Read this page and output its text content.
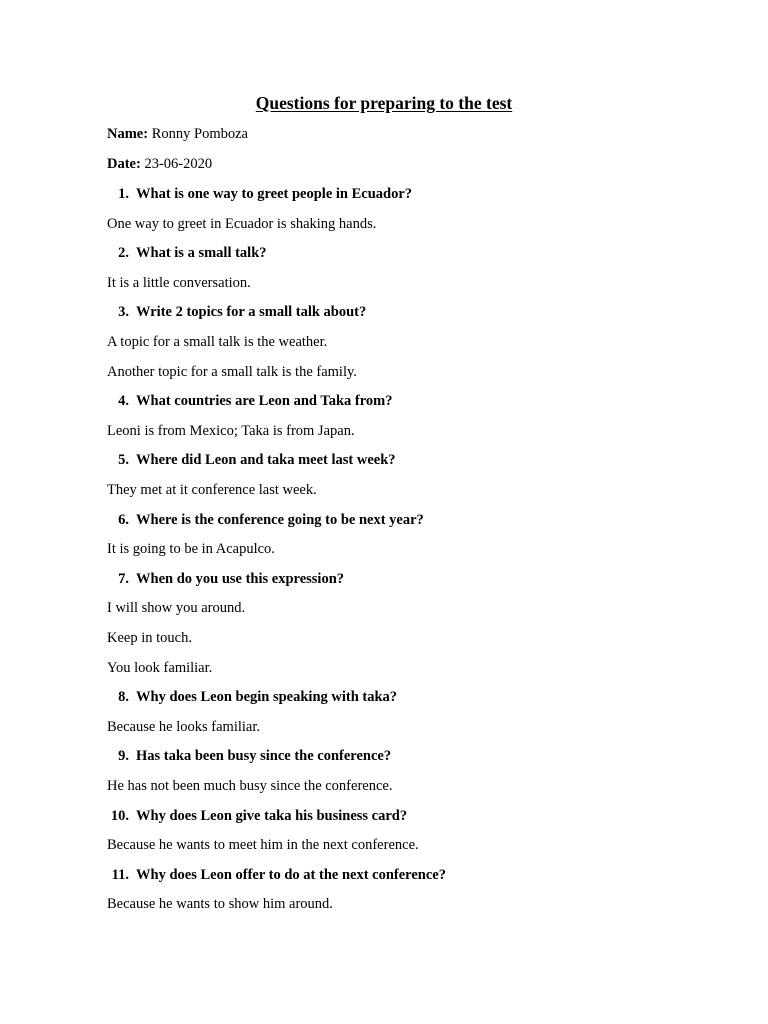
Questions for preparing to the test
Name: Ronny Pomboza
Date: 23-06-2020
1. What is one way to greet people in Ecuador?
One way to greet in Ecuador is shaking hands.
2. What is a small talk?
It is a little conversation.
3. Write 2 topics for a small talk about?
A topic for a small talk is the weather.
Another topic for a small talk is the family.
4. What countries are Leon and Taka from?
Leoni is from Mexico; Taka is from Japan.
5. Where did Leon and taka meet last week?
They met at it conference last week.
6. Where is the conference going to be next year?
It is going to be in Acapulco.
7. When do you use this expression?
I will show you around.
Keep in touch.
You look familiar.
8. Why does Leon begin speaking with taka?
Because he looks familiar.
9. Has taka been busy since the conference?
He has not been much busy since the conference.
10. Why does Leon give taka his business card?
Because he wants to meet him in the next conference.
11. Why does Leon offer to do at the next conference?
Because he wants to show him around.
